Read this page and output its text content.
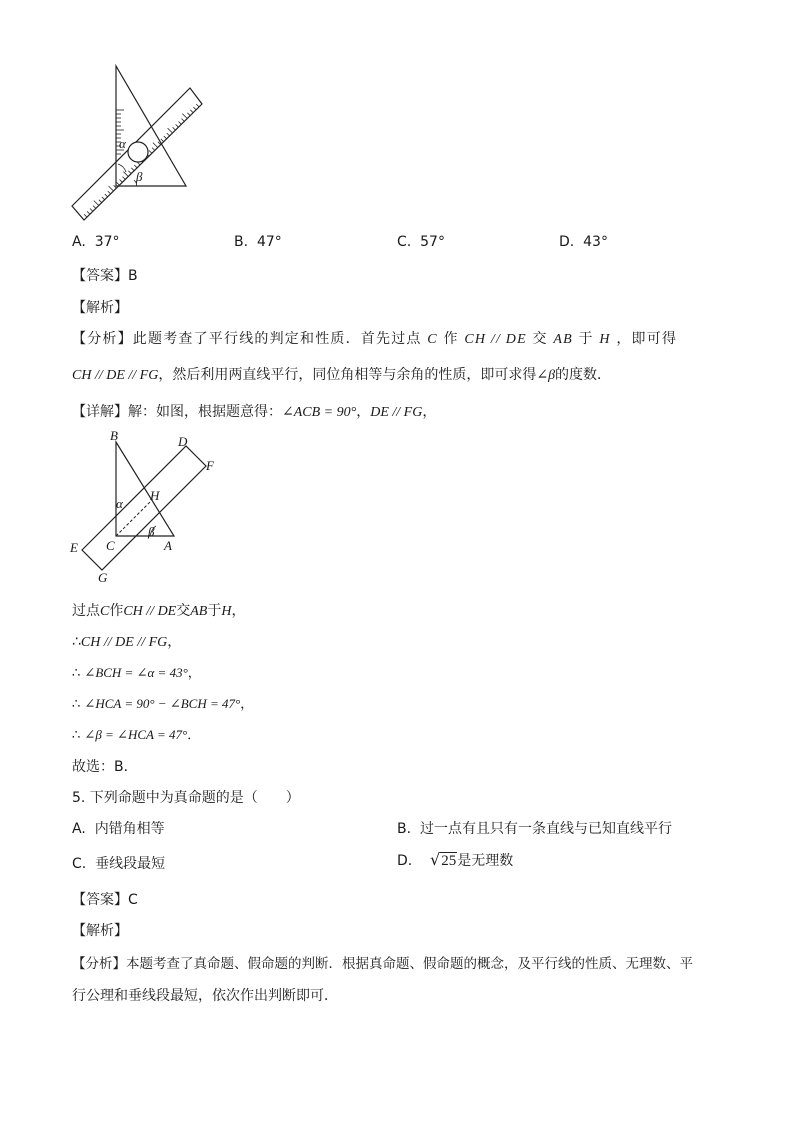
α
β
A. 37°	B. 47°	C. 57°	D. 43°
【答案】B
【解析】
【分析】此题考查了平行线的判定和性质．首先过点 C 作 CH // DE 交 AB 于 H ，即可得
CH // DE // FG，然后利用两直线平行，同位角相等与余角的性质，即可求得∠β的度数．
【详解】解：如图，根据题意得：∠ACB = 90°，DE // FG，
B	D
F
H
α
E C
β
A
G
过点C作CH // DE交AB于H，
∴CH // DE // FG，
∴ ∠BCH = ∠α = 43°，
∴ ∠HCA = 90° − ∠BCH = 47°，
∴ ∠β = ∠HCA = 47°．
故选：B．
5. 下列命题中为真命题的是（　　）
A. 内错角相等	B. 过一点有且只有一条直线与已知直线平行
C. 垂线段最短	D. √25是无理数
【答案】C
【解析】
【分析】本题考查了真命题、假命题的判断．根据真命题、假命题的概念，及平行线的性质、无理数、平
行公理和垂线段最短，依次作出判断即可．
